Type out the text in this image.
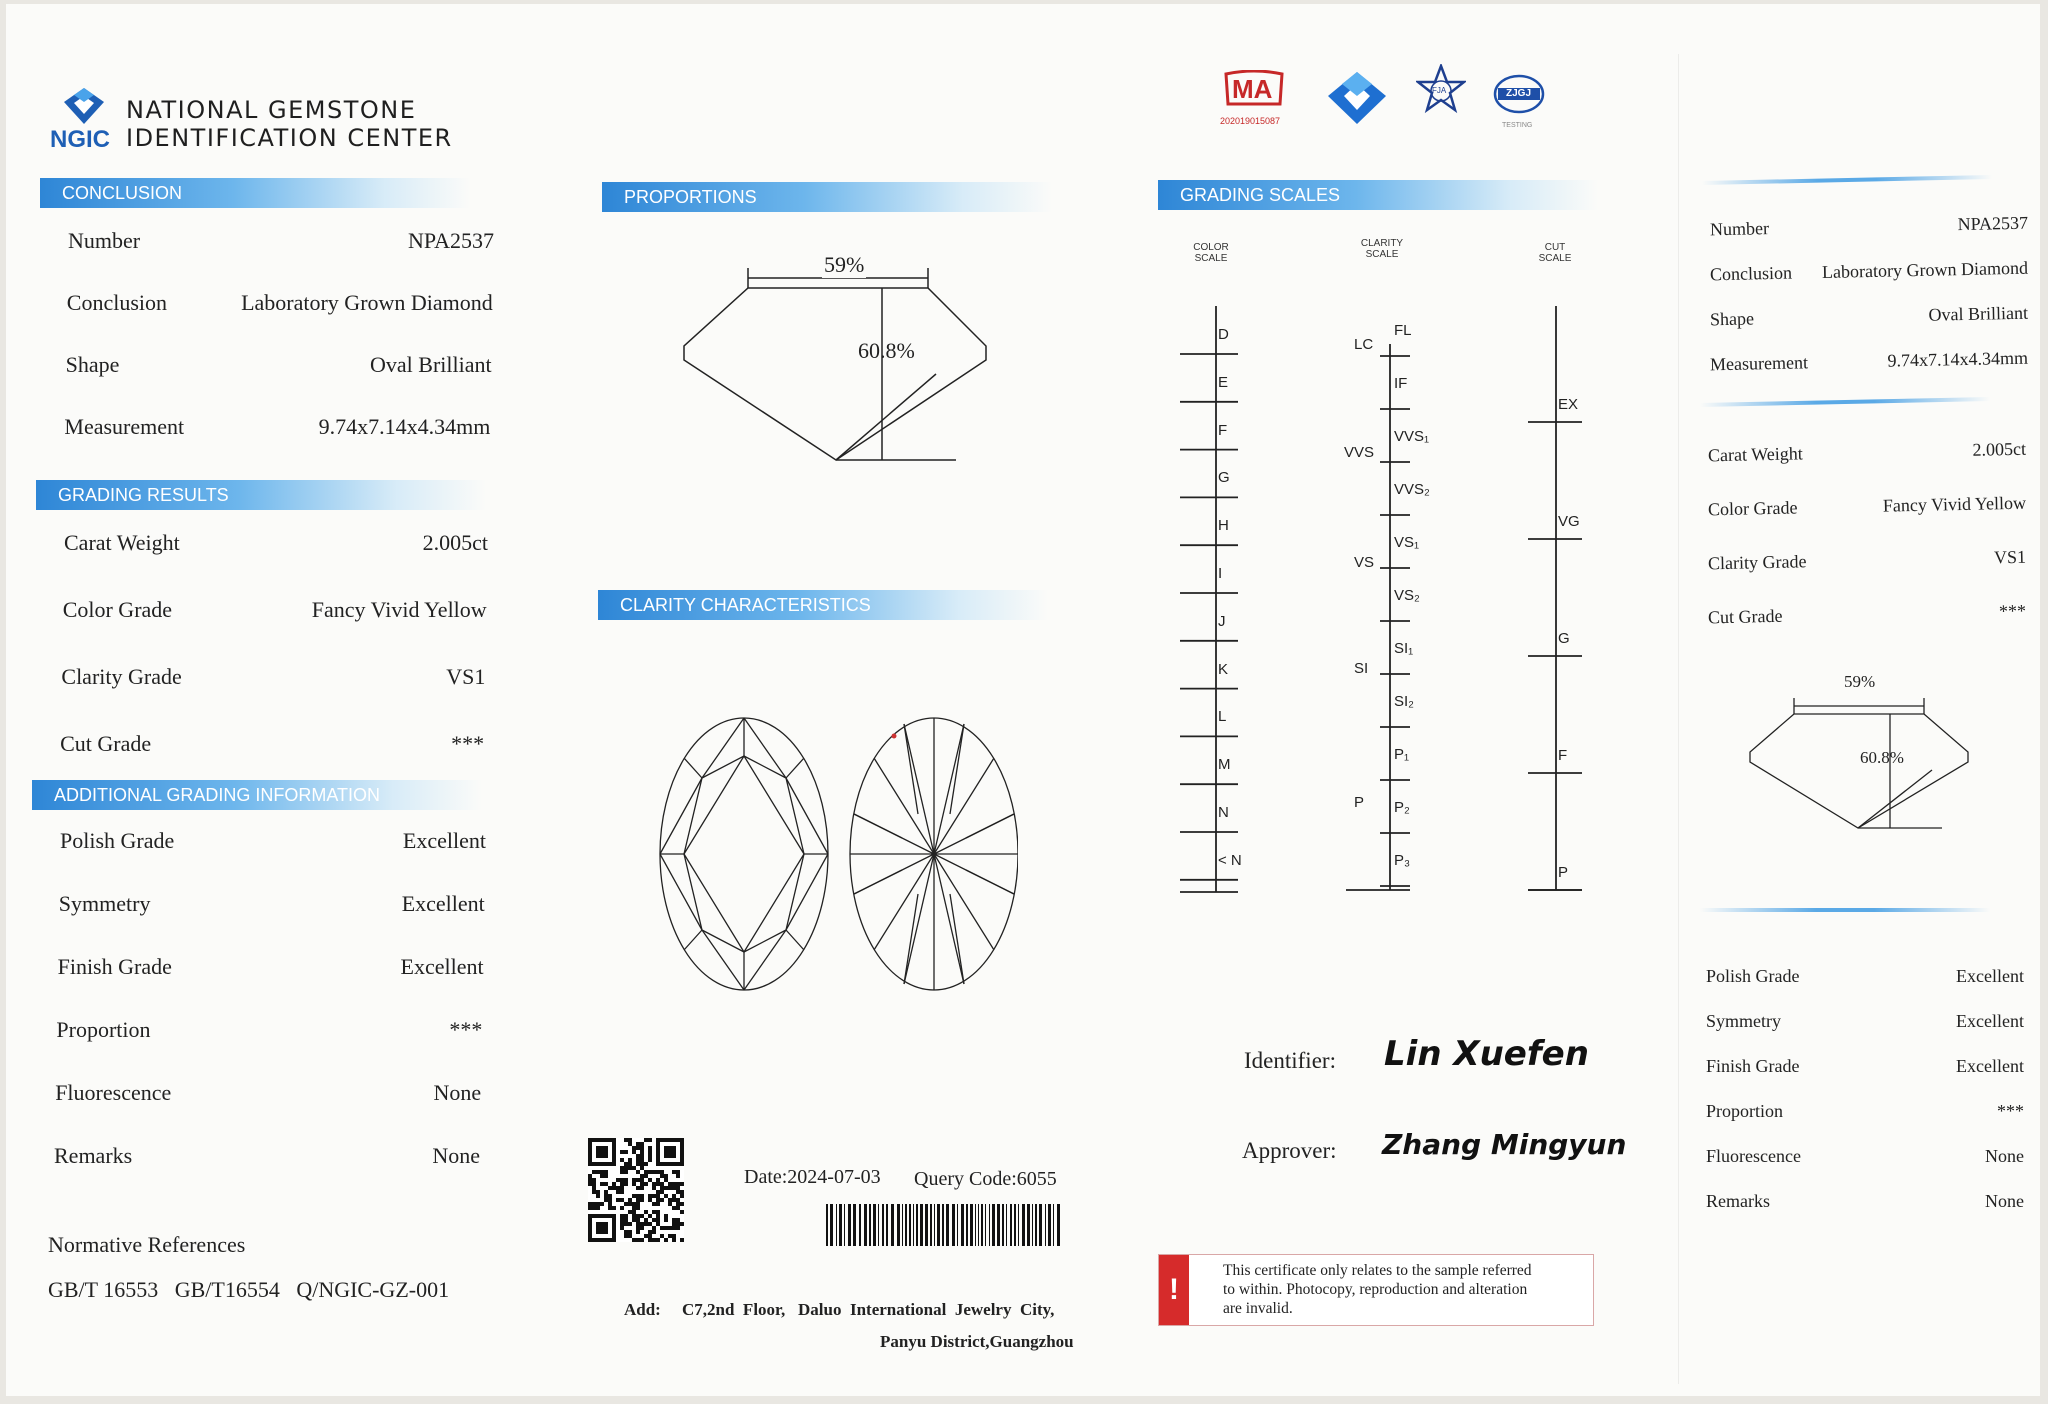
NGIC
NATIONAL GEMSTONE
IDENTIFICATION CENTER
CONCLUSION
Number	NPA2537
Conclusion	Laboratory Grown Diamond
Shape	Oval Brilliant
Measurement	9.74x7.14x4.34mm
GRADING RESULTS
Carat Weight	2.005ct
Color Grade	Fancy Vivid Yellow
Clarity Grade	VS1
Cut Grade	***
ADDITIONAL GRADING INFORMATION
Polish Grade	Excellent
Symmetry	Excellent
Finish Grade	Excellent
Proportion	***
Fluorescence	None
Remarks	None
Normative References
GB/T 16553   GB/T16554   Q/NGIC-GZ-001
PROPORTIONS
59%
60.8%
CLARITY CHARACTERISTICS
Date:2024-07-03 Query Code:6055
Add: C7,2nd  Floor,   Daluo  International  Jewelry  City,
Panyu District,Guangzhou
MA
202019015087
FJA	ZJGJ
TESTING
GRADING SCALES
COLOR
SCALE
CLARITY
SCALE
CUT
SCALE
D
E
F
G
H
I
J
K
L
M
N
< N
FL
IF
VVS₁
VVS₂
VS₁
VS₂
SI₁
SI₂
P₁
P₂
P₃
LC
VVS
VS
SI
P
EX
VG
G
F
P
Identifier: Lin Xuefen
Approver: Zhang Mingyun
!
This certificate only relates to the sample referred
to within. Photocopy, reproduction and alteration
are invalid.
Number	NPA2537
Conclusion Laboratory Grown Diamond
Shape	Oval Brilliant
Measurement	9.74x7.14x4.34mm
Carat Weight	2.005ct
Color Grade	Fancy Vivid Yellow
Clarity Grade	VS1
Cut Grade	***
59%
60.8%
Polish Grade	Excellent
Symmetry	Excellent
Finish Grade	Excellent
Proportion	***
Fluorescence	None
Remarks	None
